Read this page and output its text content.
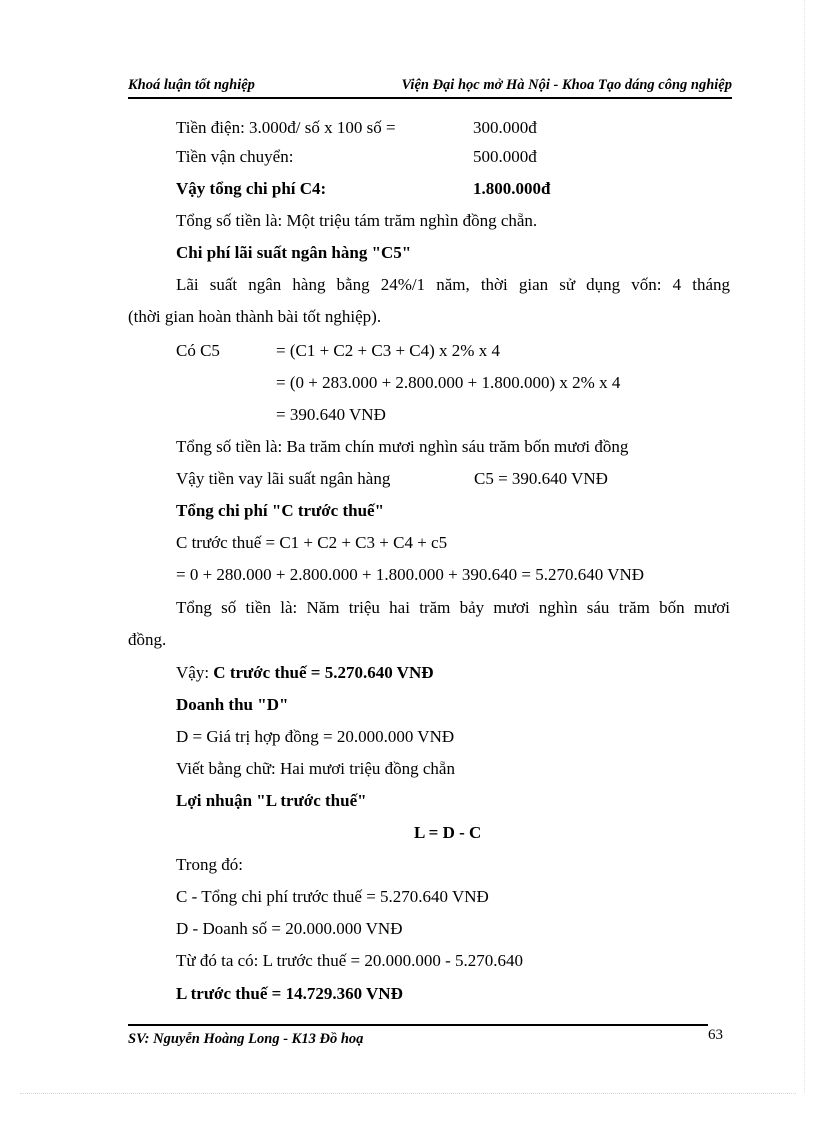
Khoá luận tốt nghiệp	Viện Đại học mở Hà Nội - Khoa Tạo dáng công nghiệp
Tiền điện: 3.000đ/ số x 100 số =	300.000đ
Tiền vận chuyển:	500.000đ
Vậy tổng chi phí C4:	1.800.000đ
Tổng số tiền là: Một triệu tám trăm nghìn đồng chẵn.
Chi phí lãi suất ngân hàng "C5"
Lãi suất ngân hàng bằng 24%/1 năm, thời gian sử dụng vốn: 4 tháng
(thời gian hoàn thành bài tốt nghiệp).
Có C5	= (C1 + C2 + C3 + C4) x 2% x 4
= (0 + 283.000 + 2.800.000 + 1.800.000) x 2% x 4
= 390.640 VNĐ
Tổng số tiền là: Ba trăm chín mươi nghìn sáu trăm bốn mươi đồng
Vậy tiền vay lãi suất ngân hàng	C5 = 390.640 VNĐ
Tổng chi phí "C trước thuế"
C trước thuế = C1 + C2 + C3 + C4 + c5
= 0 + 280.000 + 2.800.000 + 1.800.000 + 390.640 = 5.270.640 VNĐ
Tổng số tiền là: Năm triệu hai trăm bảy mươi nghìn sáu trăm bốn mươi
đồng.
Vậy: C trước thuế = 5.270.640 VNĐ
Doanh thu "D"
D = Giá trị hợp đồng = 20.000.000 VNĐ
Viết bằng chữ: Hai mươi triệu đồng chẵn
Lợi nhuận "L trước thuế"
L = D - C
Trong đó:
C - Tổng chi phí trước thuế = 5.270.640 VNĐ
D - Doanh số = 20.000.000 VNĐ
Từ đó ta có: L trước thuế = 20.000.000 - 5.270.640
L trước thuế = 14.729.360 VNĐ
SV: Nguyễn Hoàng Long - K13 Đồ hoạ	63
